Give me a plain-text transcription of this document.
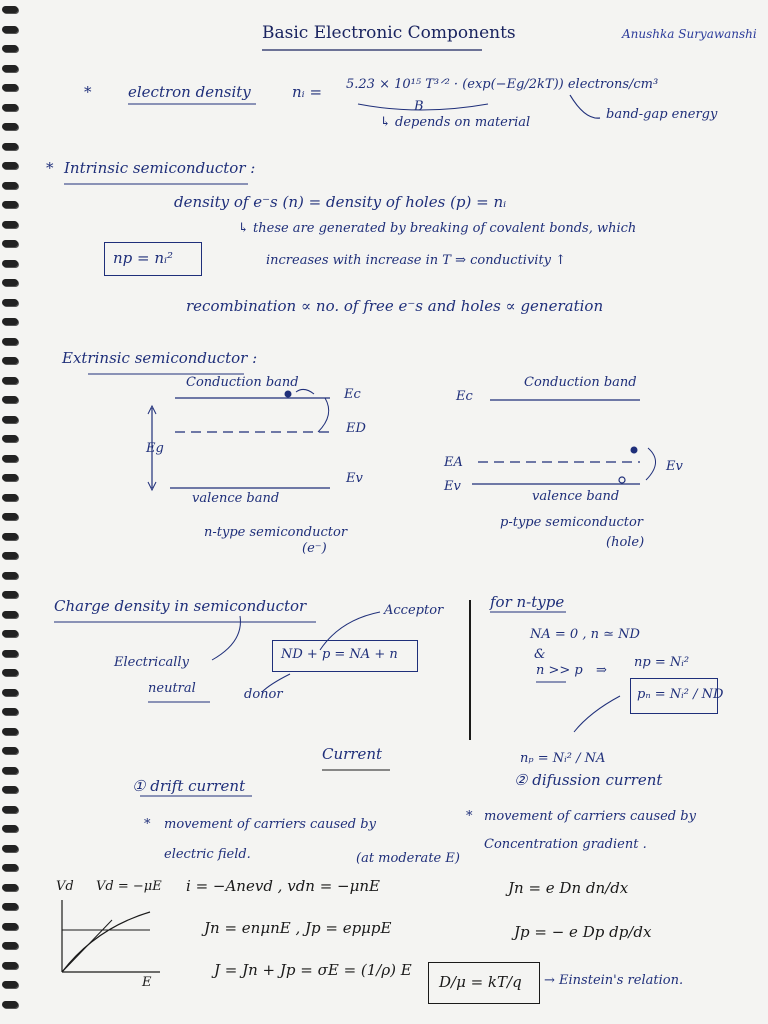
Basic Electronic Components	Anushka Suryawanshi
* electron density	nᵢ = 5.23 × 10¹⁵ T³ᐟ² · (exp(−Eg/2kT)) electrons/cm³
B
↳ depends on material
band-gap energy
* Intrinsic semiconductor :
density of e⁻s (n) = density of holes (p) = nᵢ
np = nᵢ²
↳ these are generated by breaking of covalent bonds, which
increases with increase in T ⇒ conductivity ↑
recombination ∝ no. of free e⁻s and holes ∝ generation
Extrinsic semiconductor :
Conduction band
Ec
ED
Ev
Eg
valence band
n-type semiconductor
(e⁻)
Conduction band
Ec
EA
Ev
Ev
valence band
p-type semiconductor
(hole)
Charge density in semiconductor
Electrically
neutral
Acceptor
ND + p = NA + n
donor
for n-type
NA = 0 , n ≃ ND
&
n >> p ⇒
np = Nᵢ²
pₙ = Nᵢ² / ND
nₚ = Nᵢ² / NA
Current
① drift current
* movement of carriers caused by
electric field.	(at moderate E)
② difussion current
* movement of carriers caused by
Concentration gradient .
Vd Vd = −μE
E
i = −Anevd , vdn = −μnE
Jn = enμnE , Jp = epμpE
J = Jn + Jp = σE = (1/ρ) E
Jn = e Dn dn/dx
Jp = − e Dp dp/dx
D/μ = kT/q → Einstein's relation.
